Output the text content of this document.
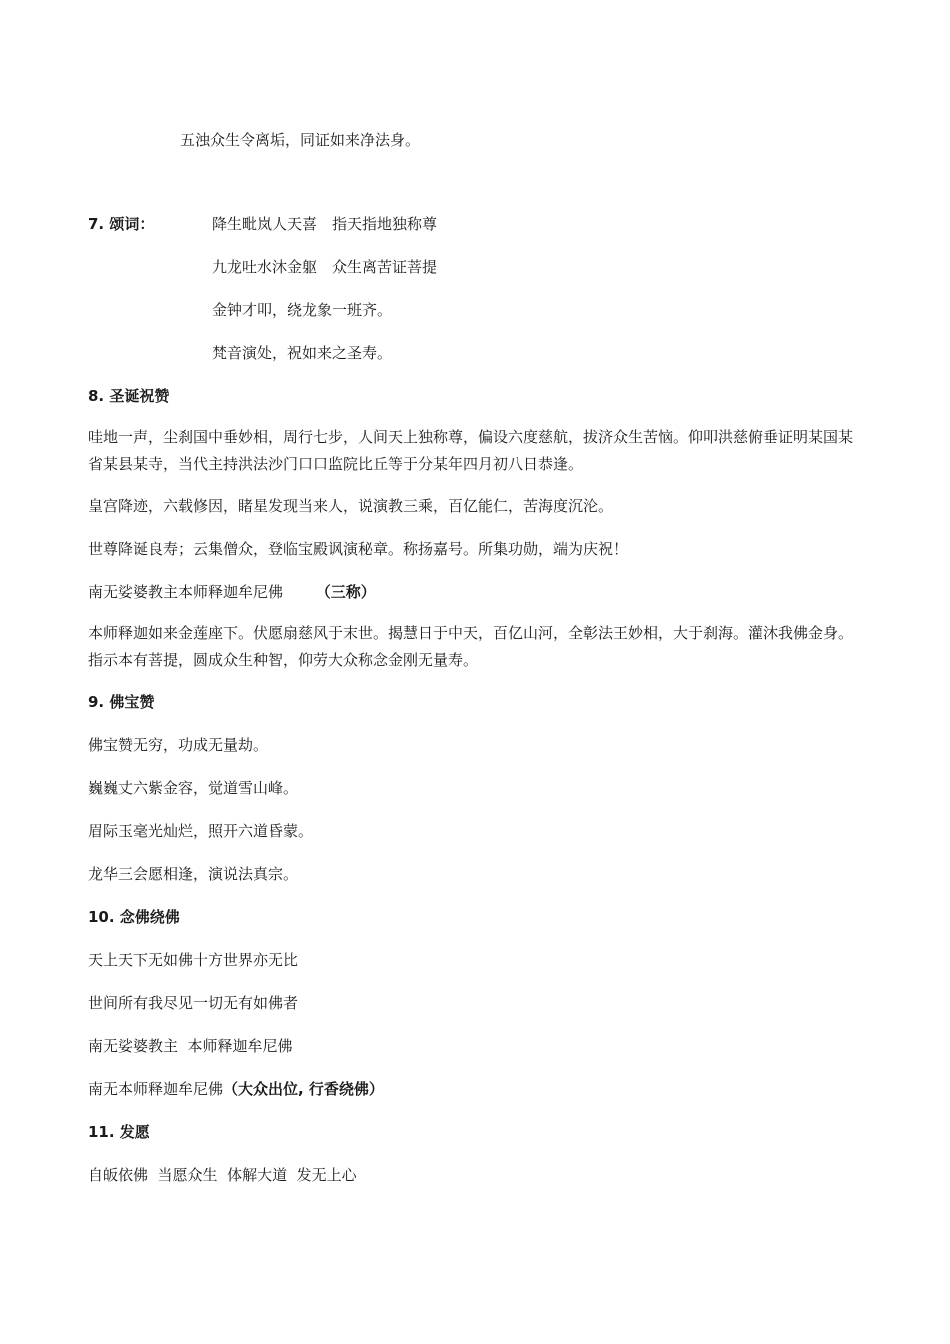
五浊众生令离垢，同证如来净法身。
7. 颂词：	降生毗岚人天喜　指天指地独称尊
九龙吐水沐金躯　众生离苦证菩提
金钟才叩，绕龙象一班齐。
梵音演处，祝如来之圣寿。
8. 圣诞祝赞
哇地一声，尘刹国中垂妙相，周行七步，人间天上独称尊，偏设六度慈航，拔济众生苦恼。仰叩洪慈俯垂证明某国某省某县某寺，当代主持洪法沙门口口监院比丘等于分某年四月初八日恭逢。
皇宫降迹，六载修因，睹星发现当来人，说演教三乘，百亿能仁，苦海度沉沦。
世尊降诞良寿；云集僧众，登临宝殿讽演秘章。称扬嘉号。所集功勋，端为庆祝！
南无娑婆教主本师释迦牟尼佛 （三称）
本师释迦如来金莲座下。伏愿扇慈风于末世。揭慧日于中天，百亿山河，全彰法王妙相，大于刹海。灌沐我佛金身。指示本有菩提，圆成众生种智，仰劳大众称念金刚无量寿。
9. 佛宝赞
佛宝赞无穷，功成无量劫。
巍巍丈六紫金容，觉道雪山峰。
眉际玉毫光灿烂，照开六道昏蒙。
龙华三会愿相逢，演说法真宗。
10. 念佛绕佛
天上天下无如佛十方世界亦无比
世间所有我尽见一切无有如佛者
南无娑婆教主  本师释迦牟尼佛
南无本师释迦牟尼佛（大众出位, 行香绕佛）
11. 发愿
自皈依佛  当愿众生  体解大道  发无上心
